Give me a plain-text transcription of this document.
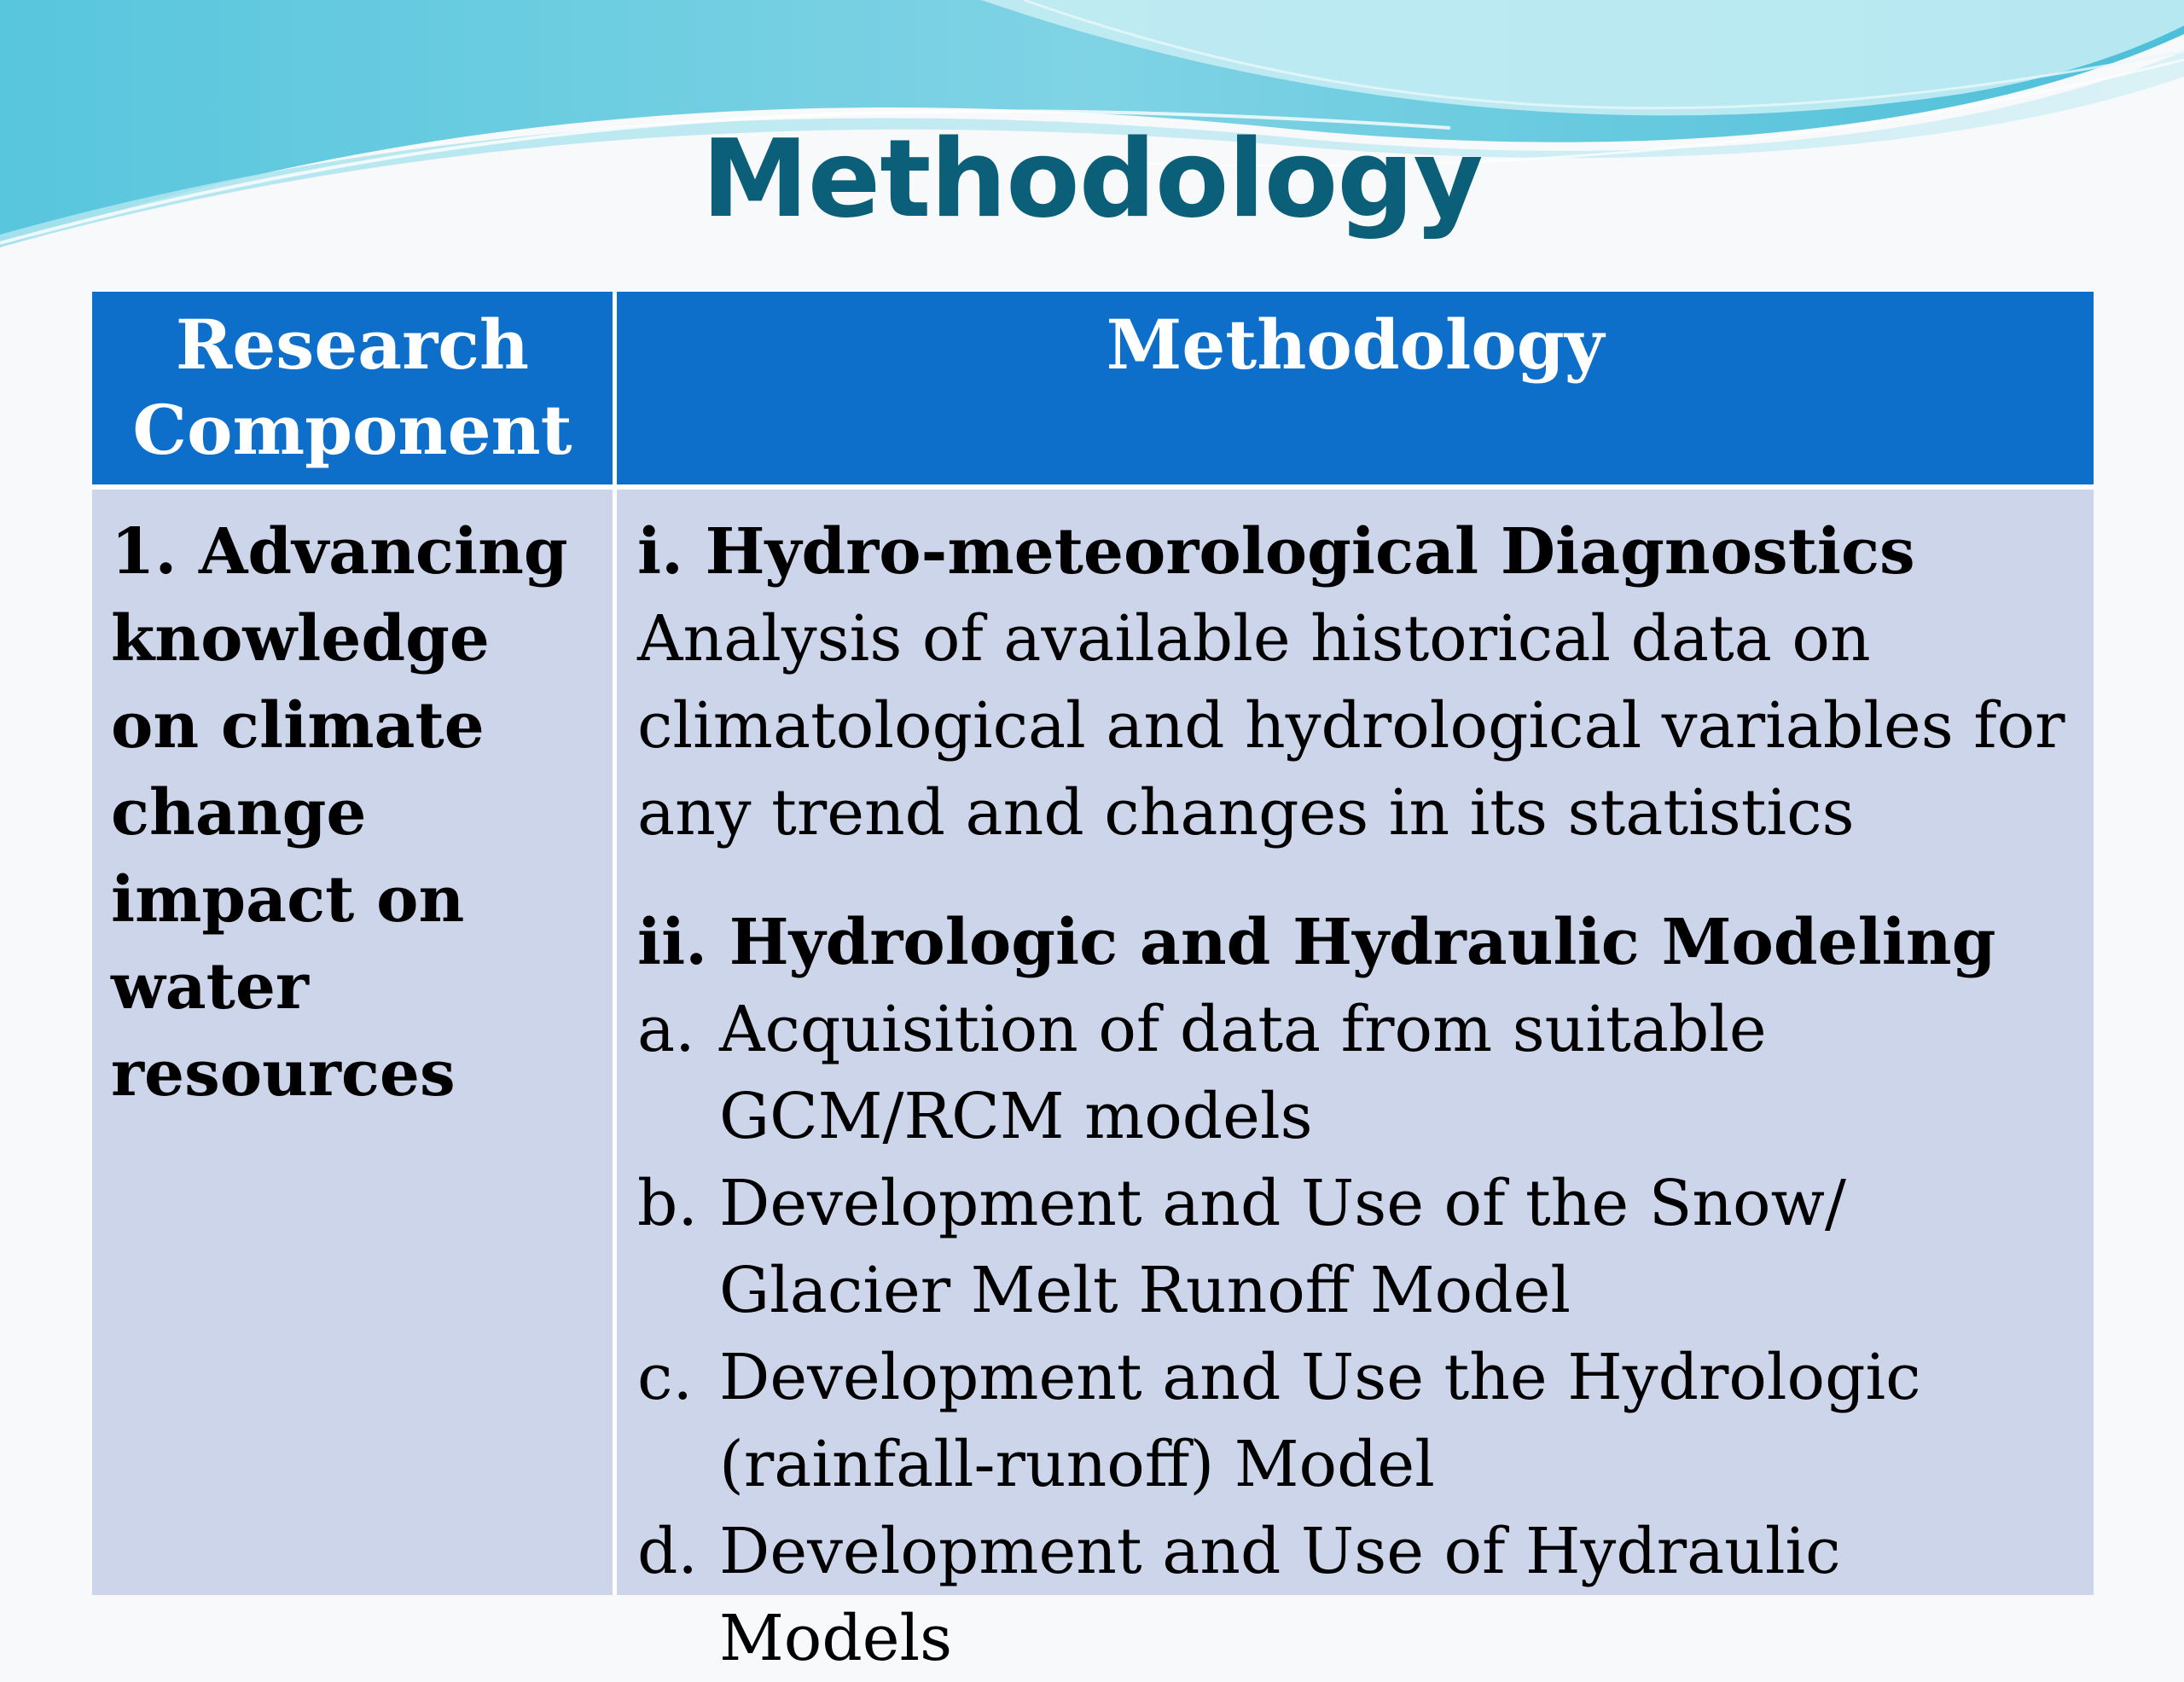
Methodology
Research Component
Methodology
1. Advancing knowledge on climate change impact on water resources
i. Hydro-meteorological Diagnostics
Analysis of available historical data on climatological and hydrological variables for any trend and changes in its statistics
ii. Hydrologic and Hydraulic Modeling
a. Acquisition of data from suitable GCM/RCM models
b. Development and Use of the Snow/ Glacier Melt Runoff Model
c. Development and Use the Hydrologic (rainfall-runoff) Model
d. Development and Use of Hydraulic Models
